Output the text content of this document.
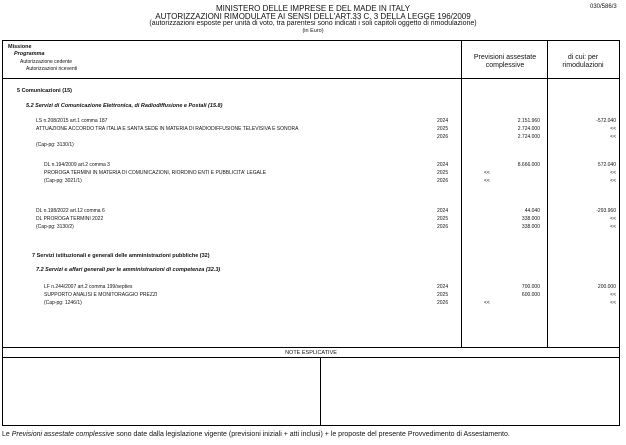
030/586/3
MINISTERO DELLE IMPRESE E DEL MADE IN ITALY
AUTORIZZAZIONI RIMODULATE AI SENSI DELL'ART.33 C. 3 DELLA LEGGE 196/2009
(autorizzazioni esposte per unità di voto, tra parentesi sono indicati i soli capitoli oggetto di rimodulazione)
(in Euro)
Missione
Programma
Autorizzazione cedente
Autorizzazioni riceventi
Previsioni assestate complessive
di cui: per rimodulazioni
5 Comunicazioni (15)
5.2 Servizi di Comunicazione Elettronica, di Radiodiffusione e Postali (15.8)
LS n.208/2015 art.1 comma 187
ATTUAZIONE ACCORDO TRA ITALIA E SANTA SEDE IN MATERIA DI RADIODIFFUSIONE TELEVISIVA E SONORA
(Cap-pg: 3130/1)
2024
2025
2026
2.151.960
2.724.000
2.724.000
-572.040
<<
<<
DL n.194/2009 art.2 comma 3
PROROGA TERMINI IN MATERIA DI COMUNICAZIONI, RIORDINO ENTI E PUBBLICITA' LEGALE
(Cap-pg: 3021/1)
2024
2025
2026
8.666.000
<<
<<
572.040
<<
<<
DL n.198/2022 art.12 comma 6
DL PROROGA TERMINI 2022
(Cap-pg: 3130/2)
2024
2025
2026
44.040
338.000
338.000
-293.960
<<
<<
7 Servizi istituzionali e generali delle amministrazioni pubbliche (32)
7.2 Servizi e affari generali per le amministrazioni di competenza (32.3)
LF n.244/2007 art.2 comma 199/septies
SUPPORTO ANALISI E MONITORAGGIO PREZZI
(Cap-pg: 1246/1)
2024
2025
2026
700.000
600.000
<<
200.000
<<
<<
NOTE ESPLICATIVE
Le Previsioni assestate complessive sono date dalla legislazione vigente (previsioni iniziali + atti inclusi) + le proposte del presente Provvedimento di Assestamento.
